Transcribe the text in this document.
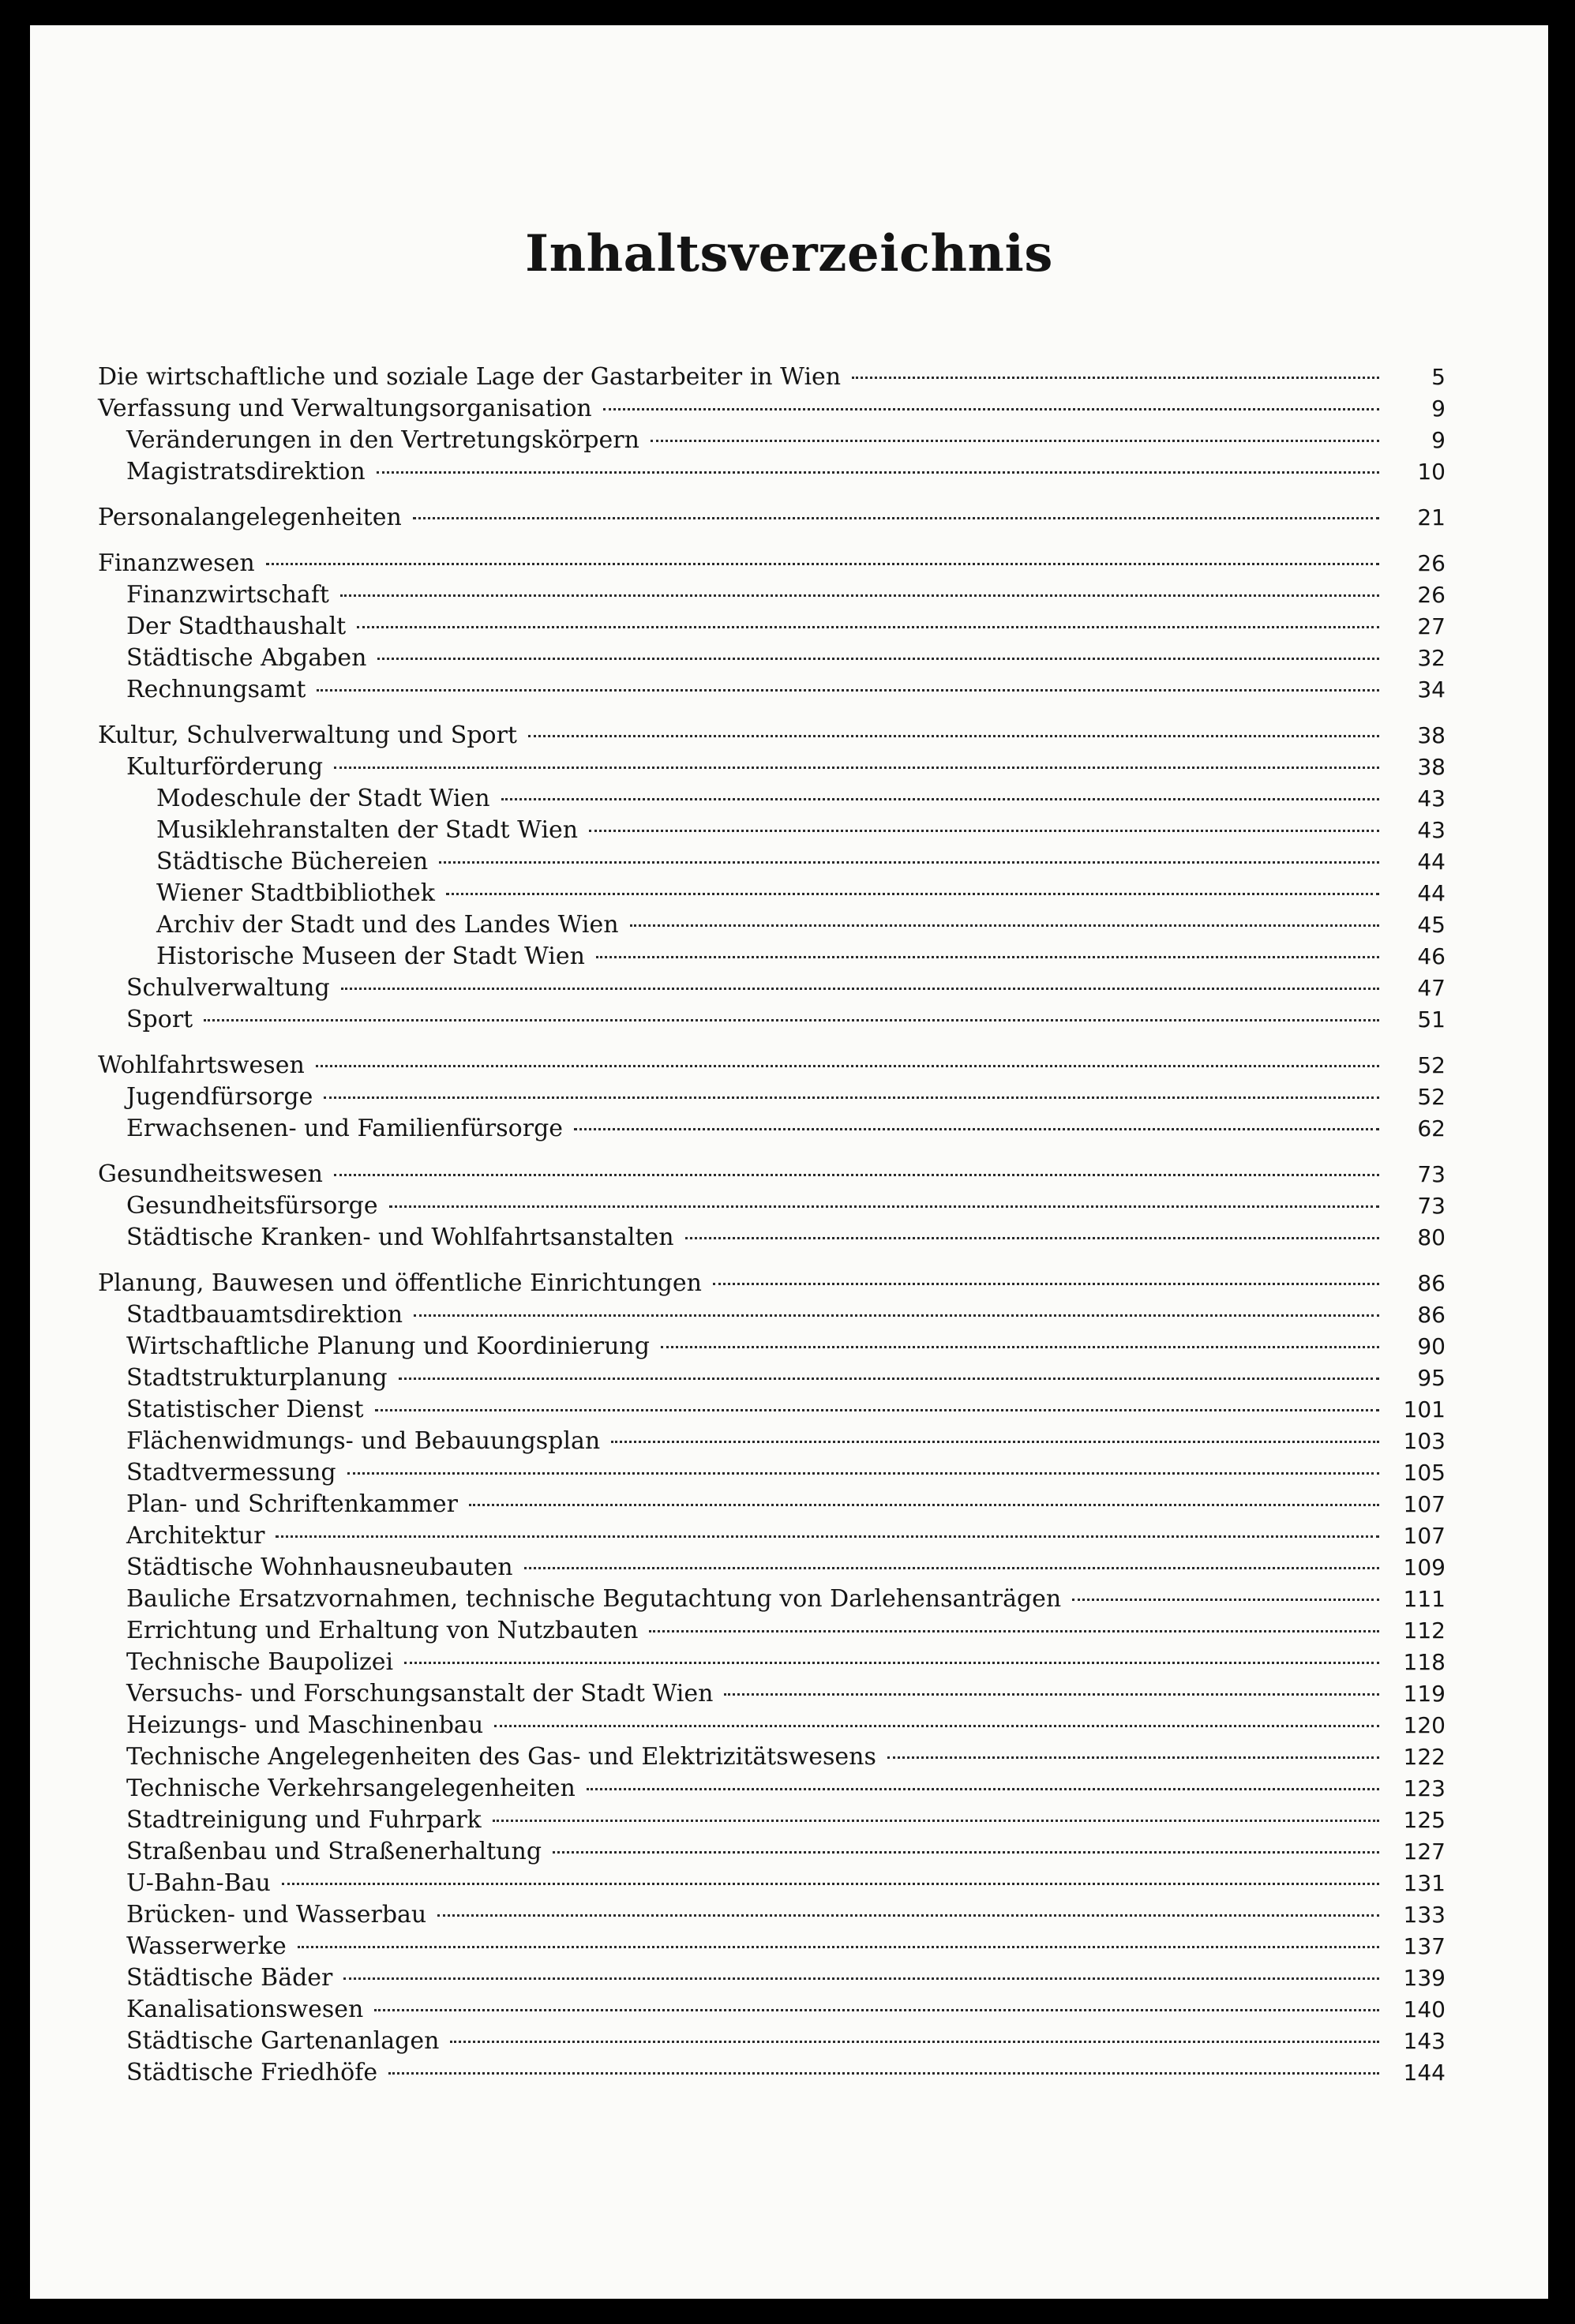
Inhaltsverzeichnis
Die wirtschaftliche und soziale Lage der Gastarbeiter in Wien	5
Verfassung und Verwaltungsorganisation	9
Veränderungen in den Vertretungskörpern	9
Magistratsdirektion	10
Personalangelegenheiten	21
Finanzwesen	26
Finanzwirtschaft	26
Der Stadthaushalt	27
Städtische Abgaben	32
Rechnungsamt	34
Kultur, Schulverwaltung und Sport	38
Kulturförderung	38
Modeschule der Stadt Wien	43
Musiklehranstalten der Stadt Wien	43
Städtische Büchereien	44
Wiener Stadtbibliothek	44
Archiv der Stadt und des Landes Wien	45
Historische Museen der Stadt Wien	46
Schulverwaltung	47
Sport	51
Wohlfahrtswesen	52
Jugendfürsorge	52
Erwachsenen- und Familienfürsorge	62
Gesundheitswesen	73
Gesundheitsfürsorge	73
Städtische Kranken- und Wohlfahrtsanstalten	80
Planung, Bauwesen und öffentliche Einrichtungen	86
Stadtbauamtsdirektion	86
Wirtschaftliche Planung und Koordinierung	90
Stadtstrukturplanung	95
Statistischer Dienst	101
Flächenwidmungs- und Bebauungsplan	103
Stadtvermessung	105
Plan- und Schriftenkammer	107
Architektur	107
Städtische Wohnhausneubauten	109
Bauliche Ersatzvornahmen, technische Begutachtung von Darlehensanträgen	111
Errichtung und Erhaltung von Nutzbauten	112
Technische Baupolizei	118
Versuchs- und Forschungsanstalt der Stadt Wien	119
Heizungs- und Maschinenbau	120
Technische Angelegenheiten des Gas- und Elektrizitätswesens	122
Technische Verkehrsangelegenheiten	123
Stadtreinigung und Fuhrpark	125
Straßenbau und Straßenerhaltung	127
U-Bahn-Bau	131
Brücken- und Wasserbau	133
Wasserwerke	137
Städtische Bäder	139
Kanalisationswesen	140
Städtische Gartenanlagen	143
Städtische Friedhöfe	144
